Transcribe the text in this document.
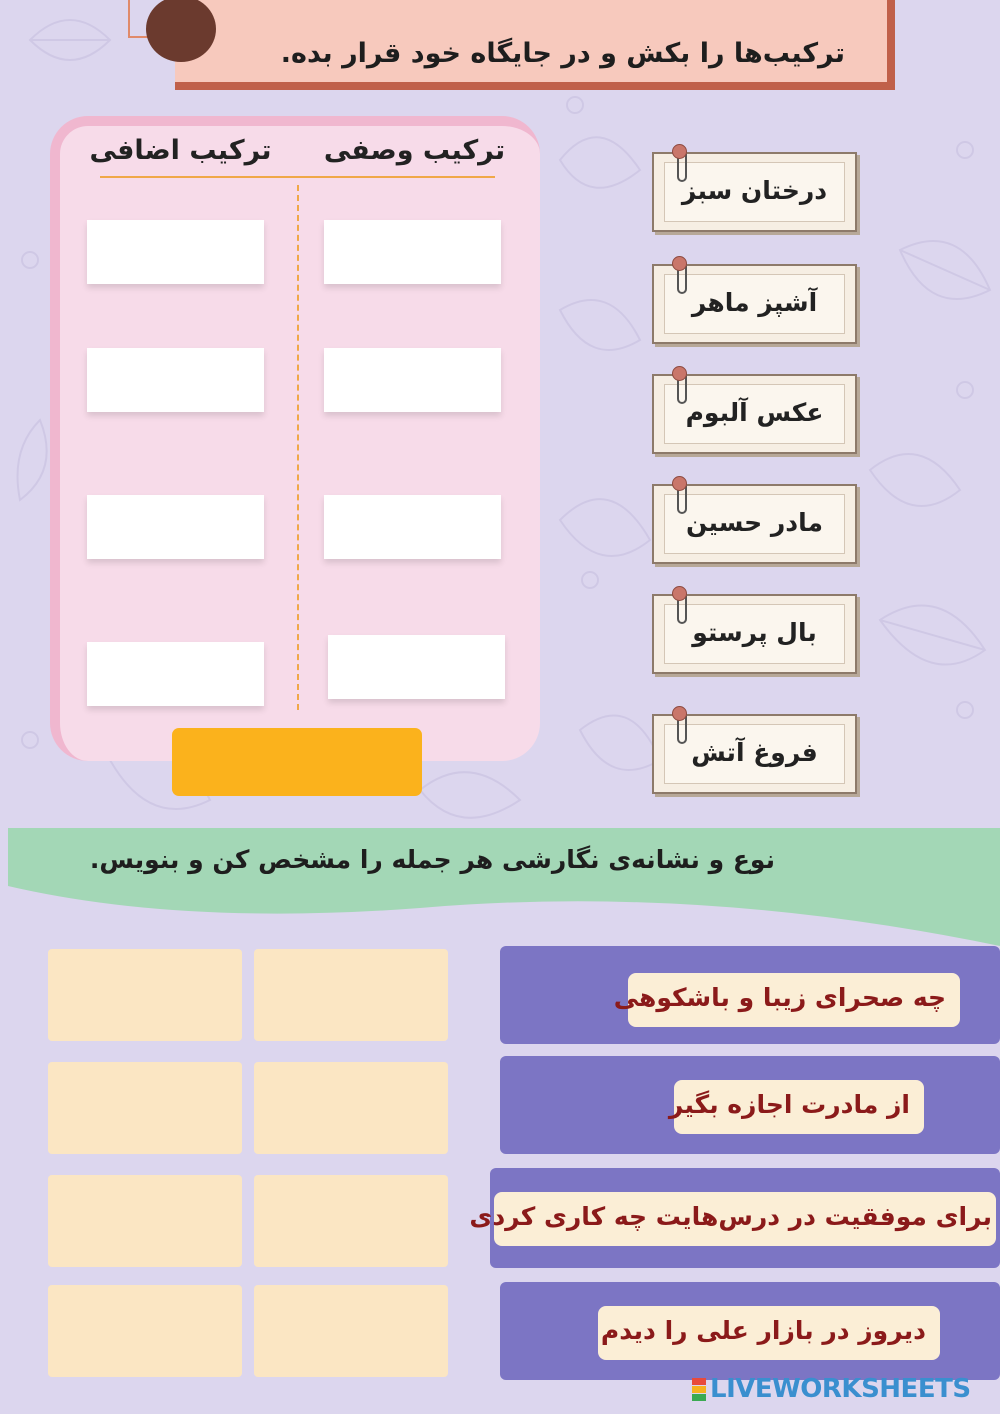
ترکیب‌ها را بکش و در جایگاه خود قرار بده.
ترکیب وصفی
ترکیب اضافی
درختان سبز
آشپز ماهر
عکس آلبوم
مادر حسین
بال پرستو
فروغ آتش
نوع و نشانه‌ی نگارشی هر جمله را مشخص کن و بنویس.
چه صحرای زیبا و باشکوهی
از مادرت اجازه بگیر
برای موفقیت در درس‌هایت چه کاری کردی
دیروز در بازار علی را دیدم
LIVEWORKSHEETS
